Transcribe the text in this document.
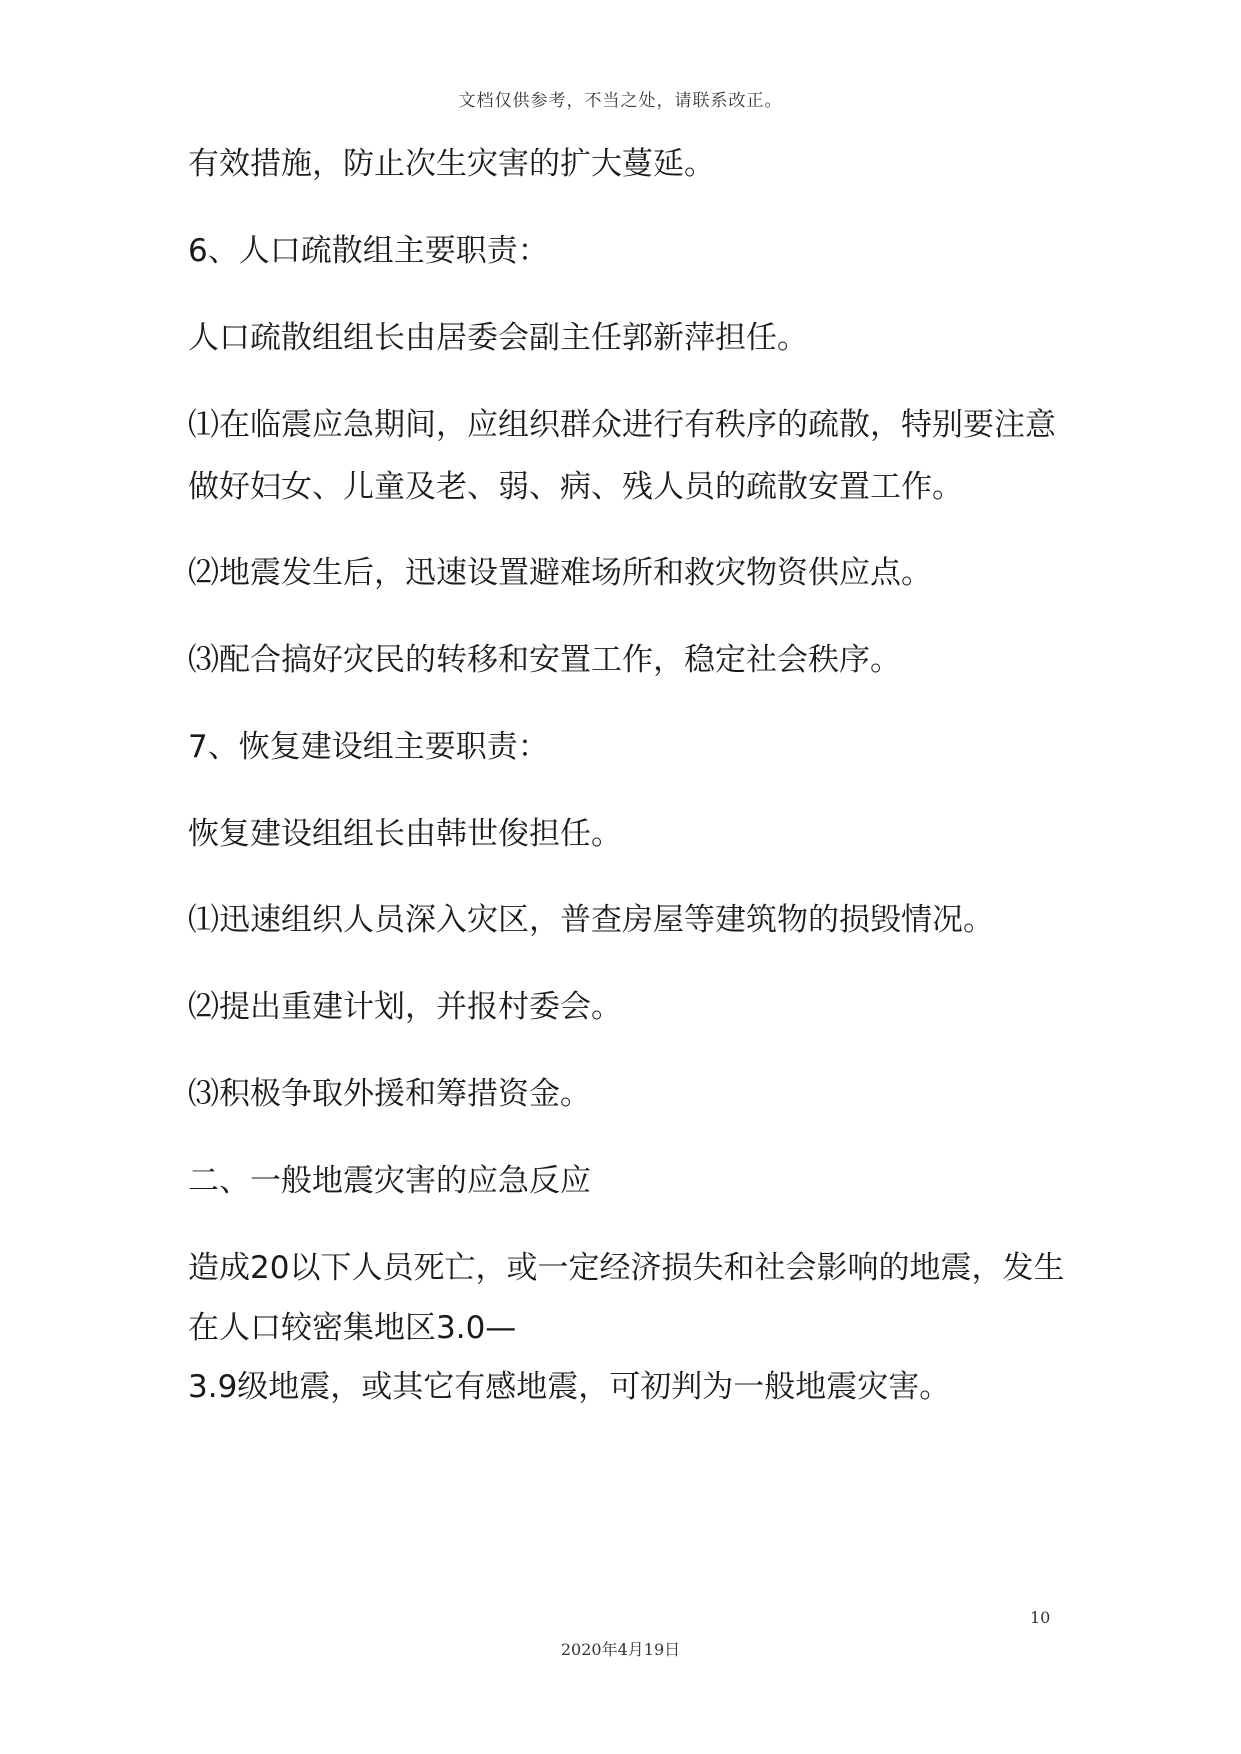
文档仅供参考，不当之处，请联系改正。
有效措施，防止次生灾害的扩大蔓延。
6、人口疏散组主要职责：
人口疏散组组长由居委会副主任郭新萍担任。
⑴在临震应急期间，应组织群众进行有秩序的疏散，特别要注意
做好妇女、儿童及老、弱、病、残人员的疏散安置工作。
⑵地震发生后，迅速设置避难场所和救灾物资供应点。
⑶配合搞好灾民的转移和安置工作，稳定社会秩序。
7、恢复建设组主要职责：
恢复建设组组长由韩世俊担任。
⑴迅速组织人员深入灾区，普查房屋等建筑物的损毁情况。
⑵提出重建计划，并报村委会。
⑶积极争取外援和筹措资金。
二、一般地震灾害的应急反应
造成20以下人员死亡，或一定经济损失和社会影响的地震，发生
在人口较密集地区3.0—
3.9级地震，或其它有感地震，可初判为一般地震灾害。
10
2020年4月19日
